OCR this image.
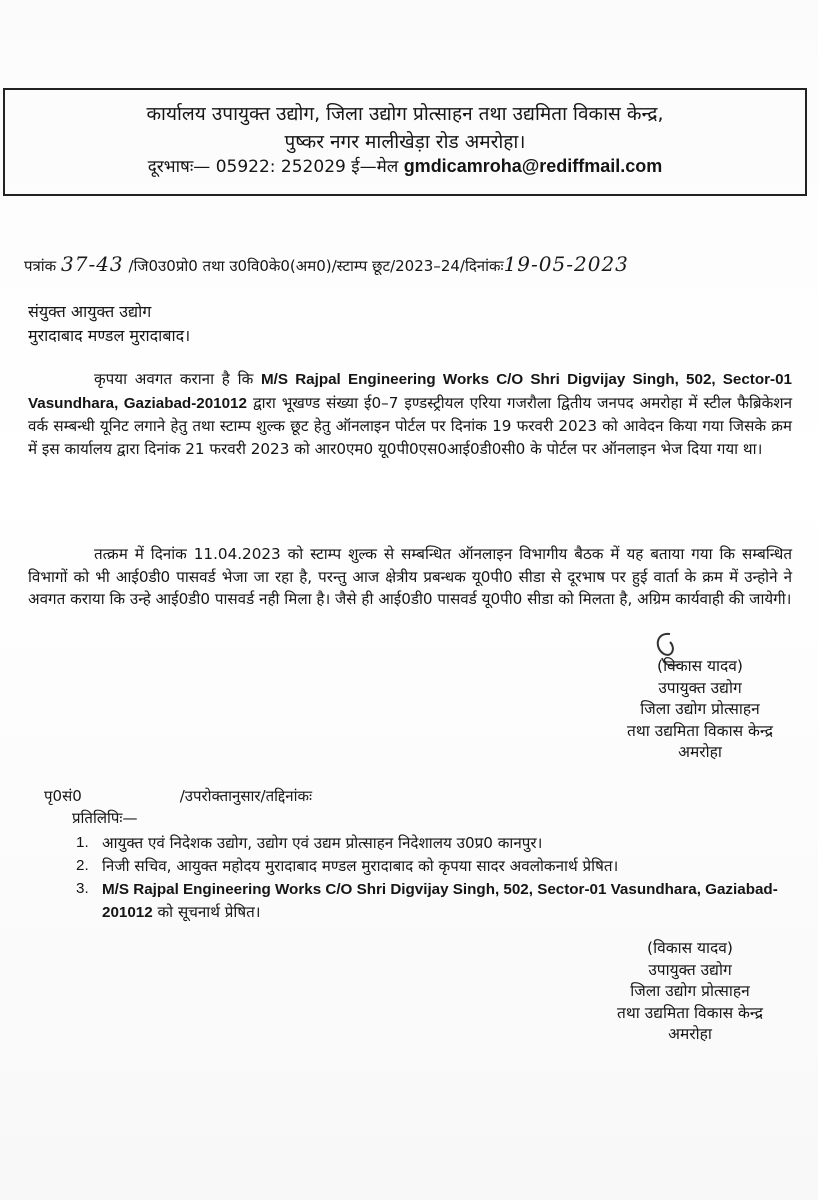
कार्यालय उपायुक्त उद्योग, जिला उद्योग प्रोत्साहन तथा उद्यमिता विकास केन्द्र,
पुष्कर नगर मालीखेड़ा रोड अमरोहा।
दूरभाषः— 05922: 252029 ई—मेल gmdicamroha@rediffmail.com
पत्रांक 37-43 /जि0उ0प्रो0 तथा उ0वि0के0(अम0)/स्टाम्प छूट/2023–24/दिनांकः19-05-2023
संयुक्त आयुक्त उद्योग
मुरादाबाद मण्डल मुरादाबाद।
कृपया अवगत कराना है कि M/S Rajpal Engineering Works C/O Shri Digvijay Singh, 502, Sector-01 Vasundhara, Gaziabad-201012 द्वारा भूखण्ड संख्या ई0–7 इण्डस्ट्रीयल एरिया गजरौला द्वितीय जनपद अमरोहा में स्टील फैब्रिकेशन वर्क सम्बन्धी यूनिट लगाने हेतु तथा स्टाम्प शुल्क छूट हेतु ऑनलाइन पोर्टल पर दिनांक 19 फरवरी 2023 को आवेदन किया गया जिसके क्रम में इस कार्यालय द्वारा दिनांक 21 फरवरी 2023 को आर0एम0 यू0पी0एस0आई0डी0सी0 के पोर्टल पर ऑनलाइन भेज दिया गया था।
तत्क्रम में दिनांक 11.04.2023 को स्टाम्प शुल्क से सम्बन्धित ऑनलाइन विभागीय बैठक में यह बताया गया कि सम्बन्धित विभागों को भी आई0डी0 पासवर्ड भेजा जा रहा है, परन्तु आज क्षेत्रीय प्रबन्धक यू0पी0 सीडा से दूरभाष पर हुई वार्ता के क्रम में उन्होने ने अवगत कराया कि उन्हे आई0डी0 पासवर्ड नही मिला है। जैसे ही आई0डी0 पासवर्ड यू0पी0 सीडा को मिलता है, अग्रिम कार्यवाही की जायेगी।
(विकास यादव)
उपायुक्त उद्योग
जिला उद्योग प्रोत्साहन
तथा उद्यमिता विकास केन्द्र
अमरोहा
पृ0सं0	/उपरोक्तानुसार/तद्दिनांकः
प्रतिलिपिः—
1. आयुक्त एवं निदेशक उद्योग, उद्योग एवं उद्यम प्रोत्साहन निदेशालय उ0प्र0 कानपुर।
2. निजी सचिव, आयुक्त महोदय मुरादाबाद मण्डल मुरादाबाद को कृपया सादर अवलोकनार्थ प्रेषित।
3. M/S Rajpal Engineering Works C/O Shri Digvijay Singh, 502, Sector-01 Vasundhara, Gaziabad-201012 को सूचनार्थ प्रेषित।
(विकास यादव)
उपायुक्त उद्योग
जिला उद्योग प्रोत्साहन
तथा उद्यमिता विकास केन्द्र
अमरोहा
